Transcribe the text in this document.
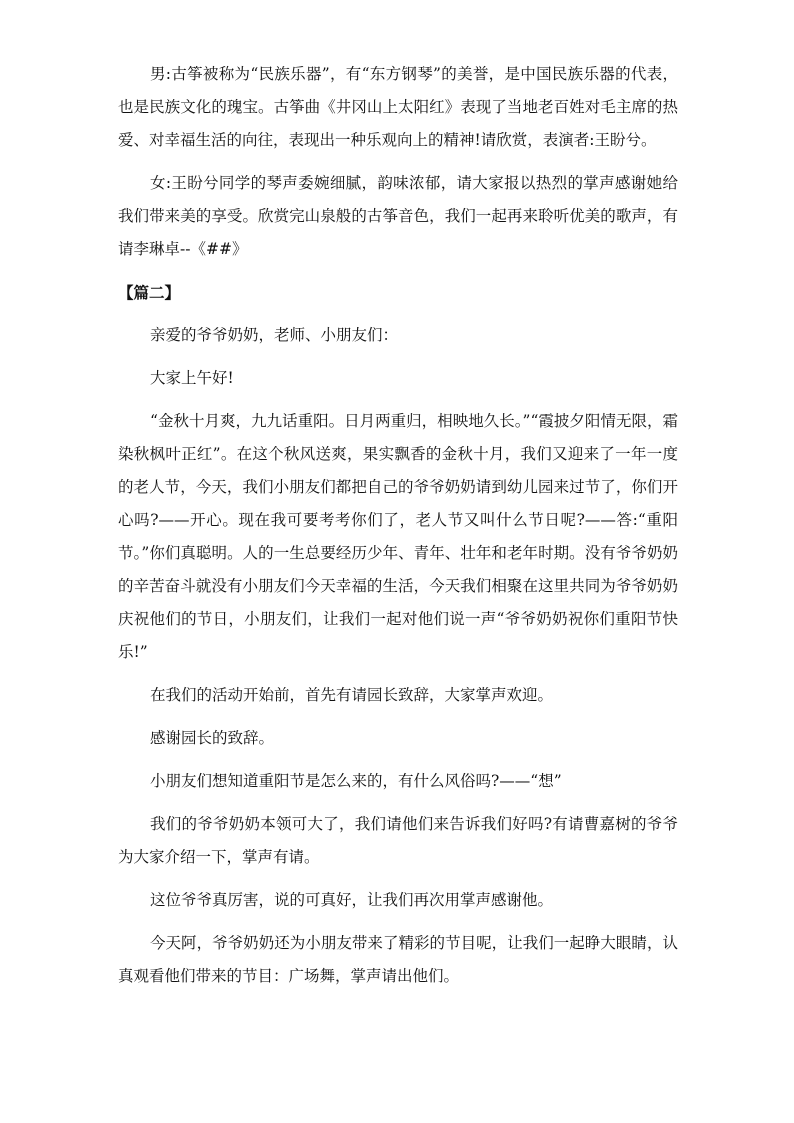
男:古筝被称为“民族乐器”，有“东方钢琴”的美誉，是中国民族乐器的代表，也是民族文化的瑰宝。古筝曲《井冈山上太阳红》表现了当地老百姓对毛主席的热爱、对幸福生活的向往，表现出一种乐观向上的精神!请欣赏，表演者:王盼兮。

女:王盼兮同学的琴声委婉细腻，韵味浓郁，请大家报以热烈的掌声感谢她给我们带来美的享受。欣赏完山泉般的古筝音色，我们一起再来聆听优美的歌声，有请李琳卓--《##》

【篇二】

亲爱的爷爷奶奶，老师、小朋友们：

大家上午好!

“金秋十月爽，九九话重阳。日月两重归，相映地久长。”“霞披夕阳情无限，霜染秋枫叶正红”。在这个秋风送爽，果实飘香的金秋十月，我们又迎来了一年一度的老人节，今天，我们小朋友们都把自己的爷爷奶奶请到幼儿园来过节了，你们开心吗?——开心。现在我可要考考你们了，老人节又叫什么节日呢?——答:“重阳节。”你们真聪明。人的一生总要经历少年、青年、壮年和老年时期。没有爷爷奶奶的辛苦奋斗就没有小朋友们今天幸福的生活，今天我们相聚在这里共同为爷爷奶奶庆祝他们的节日，小朋友们，让我们一起对他们说一声“爷爷奶奶祝你们重阳节快乐!”

在我们的活动开始前，首先有请园长致辞，大家掌声欢迎。

感谢园长的致辞。

小朋友们想知道重阳节是怎么来的，有什么风俗吗?——“想”

我们的爷爷奶奶本领可大了，我们请他们来告诉我们好吗?有请曹嘉树的爷爷为大家介绍一下，掌声有请。

这位爷爷真厉害，说的可真好，让我们再次用掌声感谢他。

今天阿，爷爷奶奶还为小朋友带来了精彩的节目呢，让我们一起睁大眼睛，认真观看他们带来的节目：广场舞，掌声请出他们。
